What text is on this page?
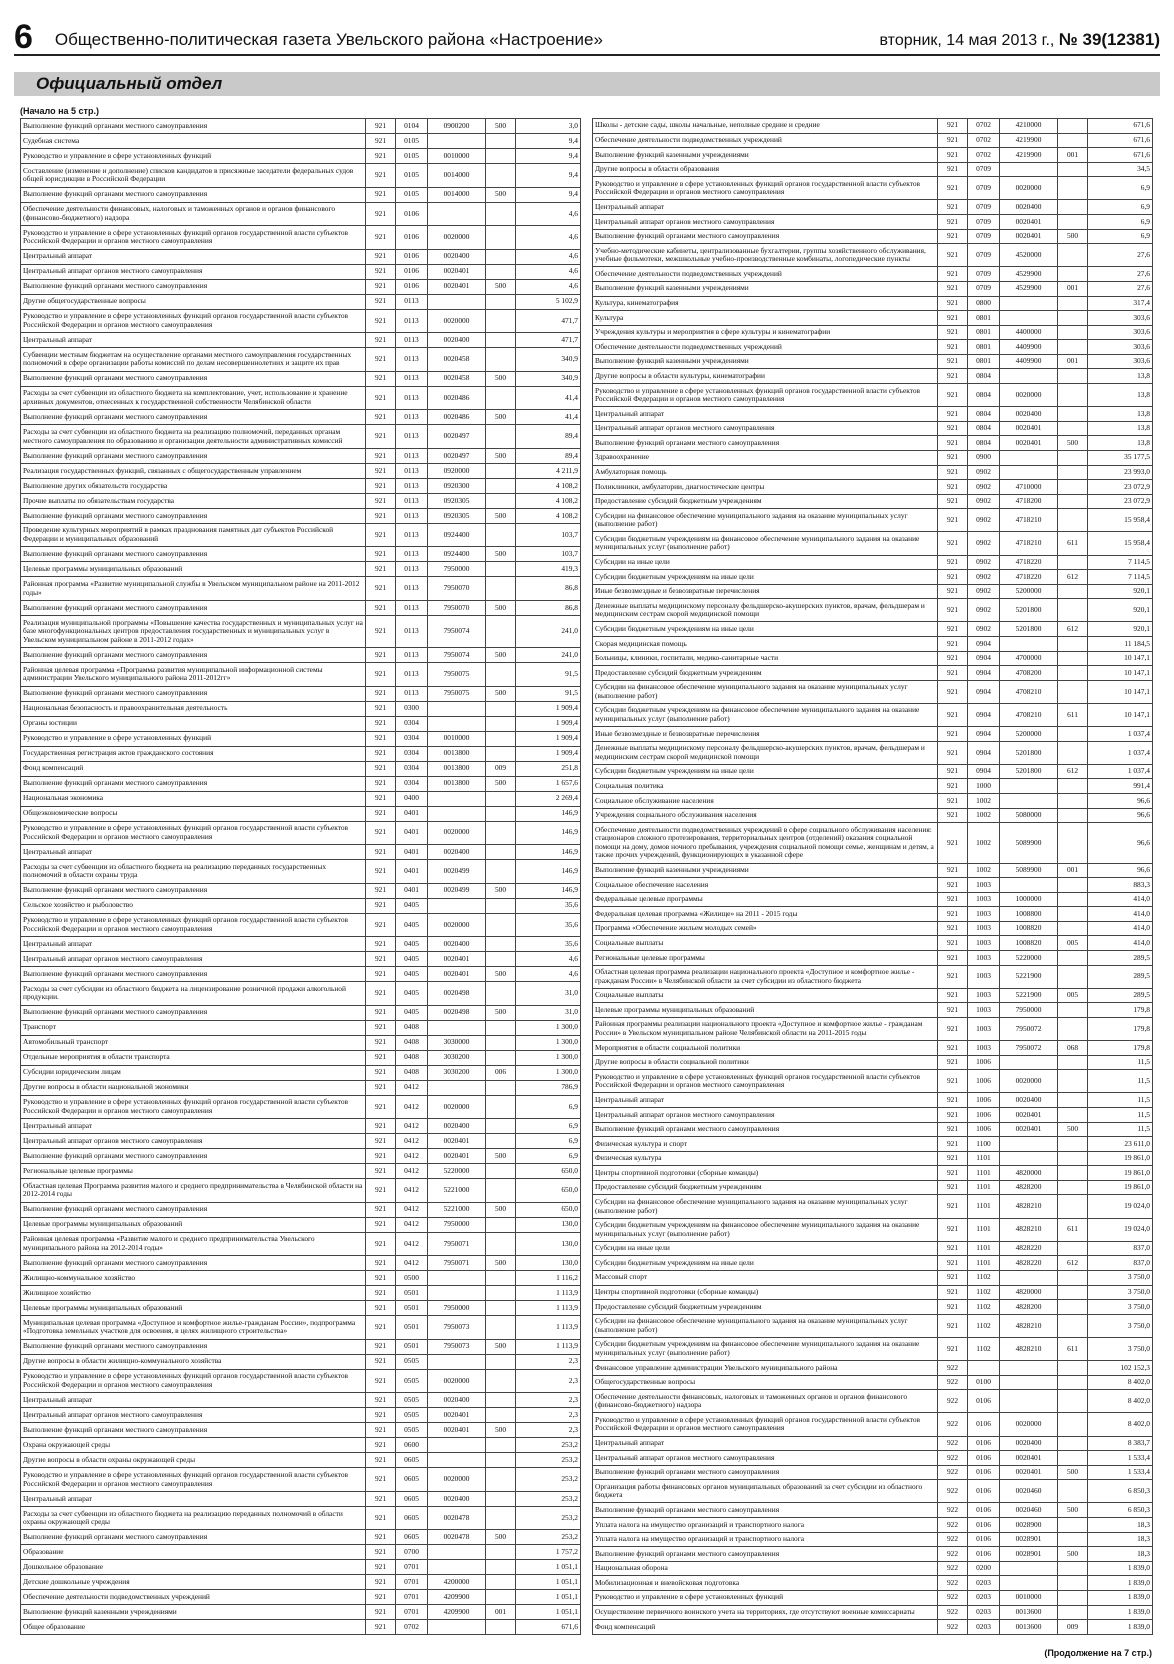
6 Общественно-политическая газета Увельского района «Настроение»	вторник, 14 мая 2013 г., № 39(12381)
Официальный отдел
(Начало на 5 стр.)
Выполнение функций органами местного самоуправления	921	0104	0900200	500	3,0
Судебная система	921	0105			9,4
Руководство и управление в сфере установленных функций	921	0105	0010000		9,4
Составление (изменение и дополнение) списков кандидатов в присяжные заседатели федеральных судов общей юрисдикции в Российской Федерации	921	0105	0014000		9,4
Выполнение функций органами местного самоуправления	921	0105	0014000	500	9,4
Обеспечение деятельности финансовых, налоговых и таможенных органов и органов финансового (финансово-бюджетного) надзора	921	0106			4,6
Руководство и управление в сфере установленных функций органов государственной власти субъектов Российской Федерации и органов местного самоуправления	921	0106	0020000		4,6
Центральный аппарат	921	0106	0020400		4,6
Центральный аппарат органов местного самоуправления	921	0106	0020401		4,6
Выполнение функций органами местного самоуправления	921	0106	0020401	500	4,6
Другие общегосударственные вопросы	921	0113			5 102,9
Руководство и управление в сфере установленных функций органов государственной власти субъектов Российской Федерации и органов местного самоуправления	921	0113	0020000		471,7
Центральный аппарат	921	0113	0020400		471,7
Субвенции местным бюджетам на осуществление органами местного самоуправления государственных полномочий в сфере организации работы комиссий по делам несовершеннолетних и защите их прав	921	0113	0020458		340,9
Выполнение функций органами местного самоуправления	921	0113	0020458	500	340,9
Расходы за счет субвенции из областного бюджета на комплектование, учет, использование и хранение архивных документов, отнесенных к государственной собственности Челябинской области	921	0113	0020486		41,4
Выполнение функций органами местного самоуправления	921	0113	0020486	500	41,4
Расходы за счет субвенции из областного бюджета на реализацию полномочий, переданных органам местного самоуправления по образованию и организации деятельности административных комиссий	921	0113	0020497		89,4
Выполнение функций органами местного самоуправления	921	0113	0020497	500	89,4
Реализация государственных функций, связанных с общегосударственным управлением	921	0113	0920000		4 211,9
Выполнение других обязательств государства	921	0113	0920300		4 108,2
Прочие выплаты по обязательствам государства	921	0113	0920305		4 108,2
Выполнение функций органами местного самоуправления	921	0113	0920305	500	4 108,2
Проведение культурных мероприятий в рамках празднования памятных дат субъектов Российской Федерации и муниципальных образований	921	0113	0924400		103,7
Выполнение функций органами местного самоуправления	921	0113	0924400	500	103,7
Целевые программы муниципальных образований	921	0113	7950000		419,3
Районная программа «Развитие муниципальной службы в Увельском муниципальном районе на 2011-2012 годы»	921	0113	7950070		86,8
Выполнение функций органами местного самоуправления	921	0113	7950070	500	86,8
Реализация муниципальной программы «Повышение качества государственных и муниципальных услуг на базе многофункциональных центров предоставления государственных и муниципальных услуг в Увельском муниципальном районе в 2011-2012 годах»	921	0113	7950074		241,0
Выполнение функций органами местного самоуправления	921	0113	7950074	500	241,0
Районная целевая программа «Программа развития муниципальной информационной системы администрации Увельского муниципального района 2011-2012гг»	921	0113	7950075		91,5
Выполнение функций органами местного самоуправления	921	0113	7950075	500	91,5
Национальная безопасность и правоохранительная деятельность	921	0300			1 909,4
Органы юстиции	921	0304			1 909,4
Руководство и управление в сфере установленных функций	921	0304	0010000		1 909,4
Государственная регистрация актов гражданского состояния	921	0304	0013800		1 909,4
Фонд компенсаций	921	0304	0013800	009	251,8
Выполнение функций органами местного самоуправления	921	0304	0013800	500	1 657,6
Национальная экономика	921	0400			2 269,4
Общеэкономические вопросы	921	0401			146,9
Руководство и управление в сфере установленных функций органов государственной власти субъектов Российской Федерации и органов местного самоуправления	921	0401	0020000		146,9
Центральный аппарат	921	0401	0020400		146,9
Расходы за счет субвенции из областного бюджета на реализацию переданных государственных полномочий в области охраны труда	921	0401	0020499		146,9
Выполнение функций органами местного самоуправления	921	0401	0020499	500	146,9
Сельское хозяйство и рыболовство	921	0405			35,6
Руководство и управление в сфере установленных функций органов государственной власти субъектов Российской Федерации и органов местного самоуправления	921	0405	0020000		35,6
Центральный аппарат	921	0405	0020400		35,6
Центральный аппарат органов местного самоуправления	921	0405	0020401		4,6
Выполнение функций органами местного самоуправления	921	0405	0020401	500	4,6
Расходы за счет субсидии из областного бюджета на лицензирование розничной продажи алкогольной продукции.	921	0405	0020498		31,0
Выполнение функций органами местного самоуправления	921	0405	0020498	500	31,0
Транспорт	921	0408			1 300,0
Автомобильный транспорт	921	0408	3030000		1 300,0
Отдельные мероприятия в области транспорта	921	0408	3030200		1 300,0
Субсидии юридическим лицам	921	0408	3030200	006	1 300,0
Другие вопросы в области национальной экономики	921	0412			786,9
Руководство и управление в сфере установленных функций органов государственной власти субъектов Российской Федерации и органов местного самоуправления	921	0412	0020000		6,9
Центральный аппарат	921	0412	0020400		6,9
Центральный аппарат органов местного самоуправления	921	0412	0020401		6,9
Выполнение функций органами местного самоуправления	921	0412	0020401	500	6,9
Региональные целевые программы	921	0412	5220000		650,0
Областная целевая Программа развития малого и среднего предпринимательства в Челябинской области на 2012-2014 годы	921	0412	5221000		650,0
Выполнение функций органами местного самоуправления	921	0412	5221000	500	650,0
Целевые программы муниципальных образований	921	0412	7950000		130,0
Районная целевая программа «Развитие малого и среднего предпринимательства Увельского муниципального района на 2012-2014 годы»	921	0412	7950071		130,0
Выполнение функций органами местного самоуправления	921	0412	7950071	500	130,0
Жилищно-коммунальное хозяйство	921	0500			1 116,2
Жилищное хозяйство	921	0501			1 113,9
Целевые программы муниципальных образований	921	0501	7950000		1 113,9
Муниципальная целевая программа «Доступное и комфортное жилье-гражданам России», подпрограмма «Подготовка земельных участков для освоения, в целях жилищного строительства»	921	0501	7950073		1 113,9
Выполнение функций органами местного самоуправления	921	0501	7950073	500	1 113,9
Другие вопросы в области жилищно-коммунального хозяйства	921	0505			2,3
Руководство и управление в сфере установленных функций органов государственной власти субъектов Российской Федерации и органов местного самоуправления	921	0505	0020000		2,3
Центральный аппарат	921	0505	0020400		2,3
Центральный аппарат органов местного самоуправления	921	0505	0020401		2,3
Выполнение функций органами местного самоуправления	921	0505	0020401	500	2,3
Охрана окружающей среды	921	0600			253,2
Другие вопросы в области охраны окружающей среды	921	0605			253,2
Руководство и управление в сфере установленных функций органов государственной власти субъектов Российской Федерации и органов местного самоуправления	921	0605	0020000		253,2
Центральный аппарат	921	0605	0020400		253,2
Расходы за счет субвенции из областного бюджета на реализацию переданных полномочий в области охраны окружающей среды	921	0605	0020478		253,2
Выполнение функций органами местного самоуправления	921	0605	0020478	500	253,2
Образование	921	0700			1 757,2
Дошкольное образование	921	0701			1 051,1
Детские дошкольные учреждения	921	0701	4200000		1 051,1
Обеспечение деятельности подведомственных учреждений	921	0701	4209900		1 051,1
Выполнение функций казенными учреждениями	921	0701	4209900	001	1 051,1
Общее образование	921	0702			671,6
Школы - детские сады, школы начальные, неполные средние и средние	921	0702	4210000		671,6
Обеспечение деятельности подведомственных учреждений	921	0702	4219900		671,6
Выполнение функций казенными учреждениями	921	0702	4219900	001	671,6
Другие вопросы в области образования	921	0709			34,5
Руководство и управление в сфере установленных функций органов государственной власти субъектов Российской Федерации и органов местного самоуправления	921	0709	0020000		6,9
Центральный аппарат	921	0709	0020400		6,9
Центральный аппарат органов местного самоуправления	921	0709	0020401		6,9
Выполнение функций органами местного самоуправления	921	0709	0020401	500	6,9
Учебно-методические кабинеты, централизованные бухгалтерии, группы хозяйственного обслуживания, учебные фильмотеки, межшкольные учебно-производственные комбинаты, логопедические пункты	921	0709	4520000		27,6
Обеспечение деятельности подведомственных учреждений	921	0709	4529900		27,6
Выполнение функций казенными учреждениями	921	0709	4529900	001	27,6
Культура, кинематография	921	0800			317,4
Культура	921	0801			303,6
Учреждения культуры и мероприятия в сфере культуры и кинематографии	921	0801	4400000		303,6
Обеспечение деятельности подведомственных учреждений	921	0801	4409900		303,6
Выполнение функций казенными учреждениями	921	0801	4409900	001	303,6
Другие вопросы в области культуры, кинематографии	921	0804			13,8
Руководство и управление в сфере установленных функций органов государственной власти субъектов Российской Федерации и органов местного самоуправления	921	0804	0020000		13,8
Центральный аппарат	921	0804	0020400		13,8
Центральный аппарат органов местного самоуправления	921	0804	0020401		13,8
Выполнение функций органами местного самоуправления	921	0804	0020401	500	13,8
Здравоохранение	921	0900			35 177,5
Амбулаторная помощь	921	0902			23 993,0
Поликлиники, амбулатории, диагностические центры	921	0902	4710000		23 072,9
Предоставление субсидий бюджетным учреждениям	921	0902	4718200		23 072,9
Субсидии на финансовое обеспечение муниципального задания на оказание муниципальных услуг (выполнение работ)	921	0902	4718210		15 958,4
Субсидии бюджетным учреждениям на финансовое обеспечение муниципального задания на оказание муниципальных услуг (выполнение работ)	921	0902	4718210	611	15 958,4
Субсидии на иные цели	921	0902	4718220		7 114,5
Субсидии бюджетным учреждениям на иные цели	921	0902	4718220	612	7 114,5
Иные безвозмездные и безвозвратные перечисления	921	0902	5200000		920,1
Денежные выплаты медицинскому персоналу фельдшерско-акушерских пунктов, врачам, фельдшерам и медицинским сестрам скорой медицинской помощи	921	0902	5201800		920,1
Субсидии бюджетным учреждениям на иные цели	921	0902	5201800	612	920,1
Скорая медицинская помощь	921	0904			11 184,5
Больницы, клиники, госпитали, медико-санитарные части	921	0904	4700000		10 147,1
Предоставление субсидий бюджетным учреждениям	921	0904	4708200		10 147,1
Субсидии на финансовое обеспечение муниципального задания на оказание муниципальных услуг (выполнение работ)	921	0904	4708210		10 147,1
Субсидии бюджетным учреждениям на финансовое обеспечение муниципального задания на оказание муниципальных услуг (выполнение работ)	921	0904	4708210	611	10 147,1
Иные безвозмездные и безвозвратные перечисления	921	0904	5200000		1 037,4
Денежные выплаты медицинскому персоналу фельдшерско-акушерских пунктов, врачам, фельдшерам и медицинским сестрам скорой медицинской помощи	921	0904	5201800		1 037,4
Субсидии бюджетным учреждениям на иные цели	921	0904	5201800	612	1 037,4
Социальная политика	921	1000			991,4
Социальное обслуживание населения	921	1002			96,6
Учреждения социального обслуживания населения	921	1002	5080000		96,6
Обеспечение деятельности подведомственных учреждений в сфере социального обслуживания населения: стационаров сложного протезирования, территориальных центров (отделений) оказания социальной помощи на дому, домов ночного пребывания, учреждения социальной помощи семье, женщинам и детям, а также прочих учреждений, функционирующих в указанной сфере	921	1002	5089900		96,6
Выполнение функций казенными учреждениями	921	1002	5089900	001	96,6
Социальное обеспечение населения	921	1003			883,3
Федеральные целевые программы	921	1003	1000000		414,0
Федеральная целевая программа «Жилище» на 2011 - 2015 годы	921	1003	1008800		414,0
Программа «Обеспечение жильем молодых семей»	921	1003	1008820		414,0
Социальные выплаты	921	1003	1008820	005	414,0
Региональные целевые программы	921	1003	5220000		289,5
Областная целевая программа реализации национального проекта «Доступное и комфортное жилье - гражданам России» в Челябинской области за счет субсидии из областного бюджета	921	1003	5221900		289,5
Социальные выплаты	921	1003	5221900	005	289,5
Целевые программы муниципальных образований	921	1003	7950000		179,8
Районная программы реализации национального проекта «Доступное и комфортное жилье - гражданам России» в Увельском муниципальном районе Челябинской области на 2011-2015 годы	921	1003	7950072		179,8
Мероприятия в области социальной политики	921	1003	7950072	068	179,8
Другие вопросы в области социальной политики	921	1006			11,5
Руководство и управление в сфере установленных функций органов государственной власти субъектов Российской Федерации и органов местного самоуправления	921	1006	0020000		11,5
Центральный аппарат	921	1006	0020400		11,5
Центральный аппарат органов местного самоуправления	921	1006	0020401		11,5
Выполнение функций органами местного самоуправления	921	1006	0020401	500	11,5
Физическая культура и спорт	921	1100			23 611,0
Физическая культура	921	1101			19 861,0
Центры спортивной подготовки (сборные команды)	921	1101	4820000		19 861,0
Предоставление субсидий бюджетным учреждениям	921	1101	4828200		19 861,0
Субсидии на финансовое обеспечение муниципального задания на оказание муниципальных услуг (выполнение работ)	921	1101	4828210		19 024,0
Субсидии бюджетным учреждениям на финансовое обеспечение муниципального задания на оказание муниципальных услуг (выполнение работ)	921	1101	4828210	611	19 024,0
Субсидии на иные цели	921	1101	4828220		837,0
Субсидии бюджетным учреждениям на иные цели	921	1101	4828220	612	837,0
Массовый спорт	921	1102			3 750,0
Центры спортивной подготовки (сборные команды)	921	1102	4820000		3 750,0
Предоставление субсидий бюджетным учреждениям	921	1102	4828200		3 750,0
Субсидии на финансовое обеспечение муниципального задания на оказание муниципальных услуг (выполнение работ)	921	1102	4828210		3 750,0
Субсидии бюджетным учреждениям на финансовое обеспечение муниципального задания на оказание муниципальных услуг (выполнение работ)	921	1102	4828210	611	3 750,0
Финансовое управление администрации Увельского муниципального района	922				102 152,3
Общегосударственные вопросы	922	0100			8 402,0
Обеспечение деятельности финансовых, налоговых и таможенных органов и органов финансового (финансово-бюджетного) надзора	922	0106			8 402,0
Руководство и управление в сфере установленных функций органов государственной власти субъектов Российской Федерации и органов местного самоуправления	922	0106	0020000		8 402,0
Центральный аппарат	922	0106	0020400		8 383,7
Центральный аппарат органов местного самоуправления	922	0106	0020401		1 533,4
Выполнение функций органами местного самоуправления	922	0106	0020401	500	1 533,4
Организация работы финансовых органов муниципальных образований за счет субсидии из областного бюджета	922	0106	0020460		6 850,3
Выполнение функций органами местного самоуправления	922	0106	0020460	500	6 850,3
Уплата налога на имущество организаций и транспортного налога	922	0106	0028900		18,3
Уплата налога на имущество организаций и транспортного налога	922	0106	0028901		18,3
Выполнение функций органами местного самоуправления	922	0106	0028901	500	18,3
Национальная оборона	922	0200			1 839,0
Мобилизационная и вневойсковая подготовка	922	0203			1 839,0
Руководство и управление в сфере установленных функций	922	0203	0010000		1 839,0
Осуществление первичного воинского учета на территориях, где отсутствуют военные комиссариаты	922	0203	0013600		1 839,0
Фонд компенсаций	922	0203	0013600	009	1 839,0
(Продолжение на 7 стр.)
